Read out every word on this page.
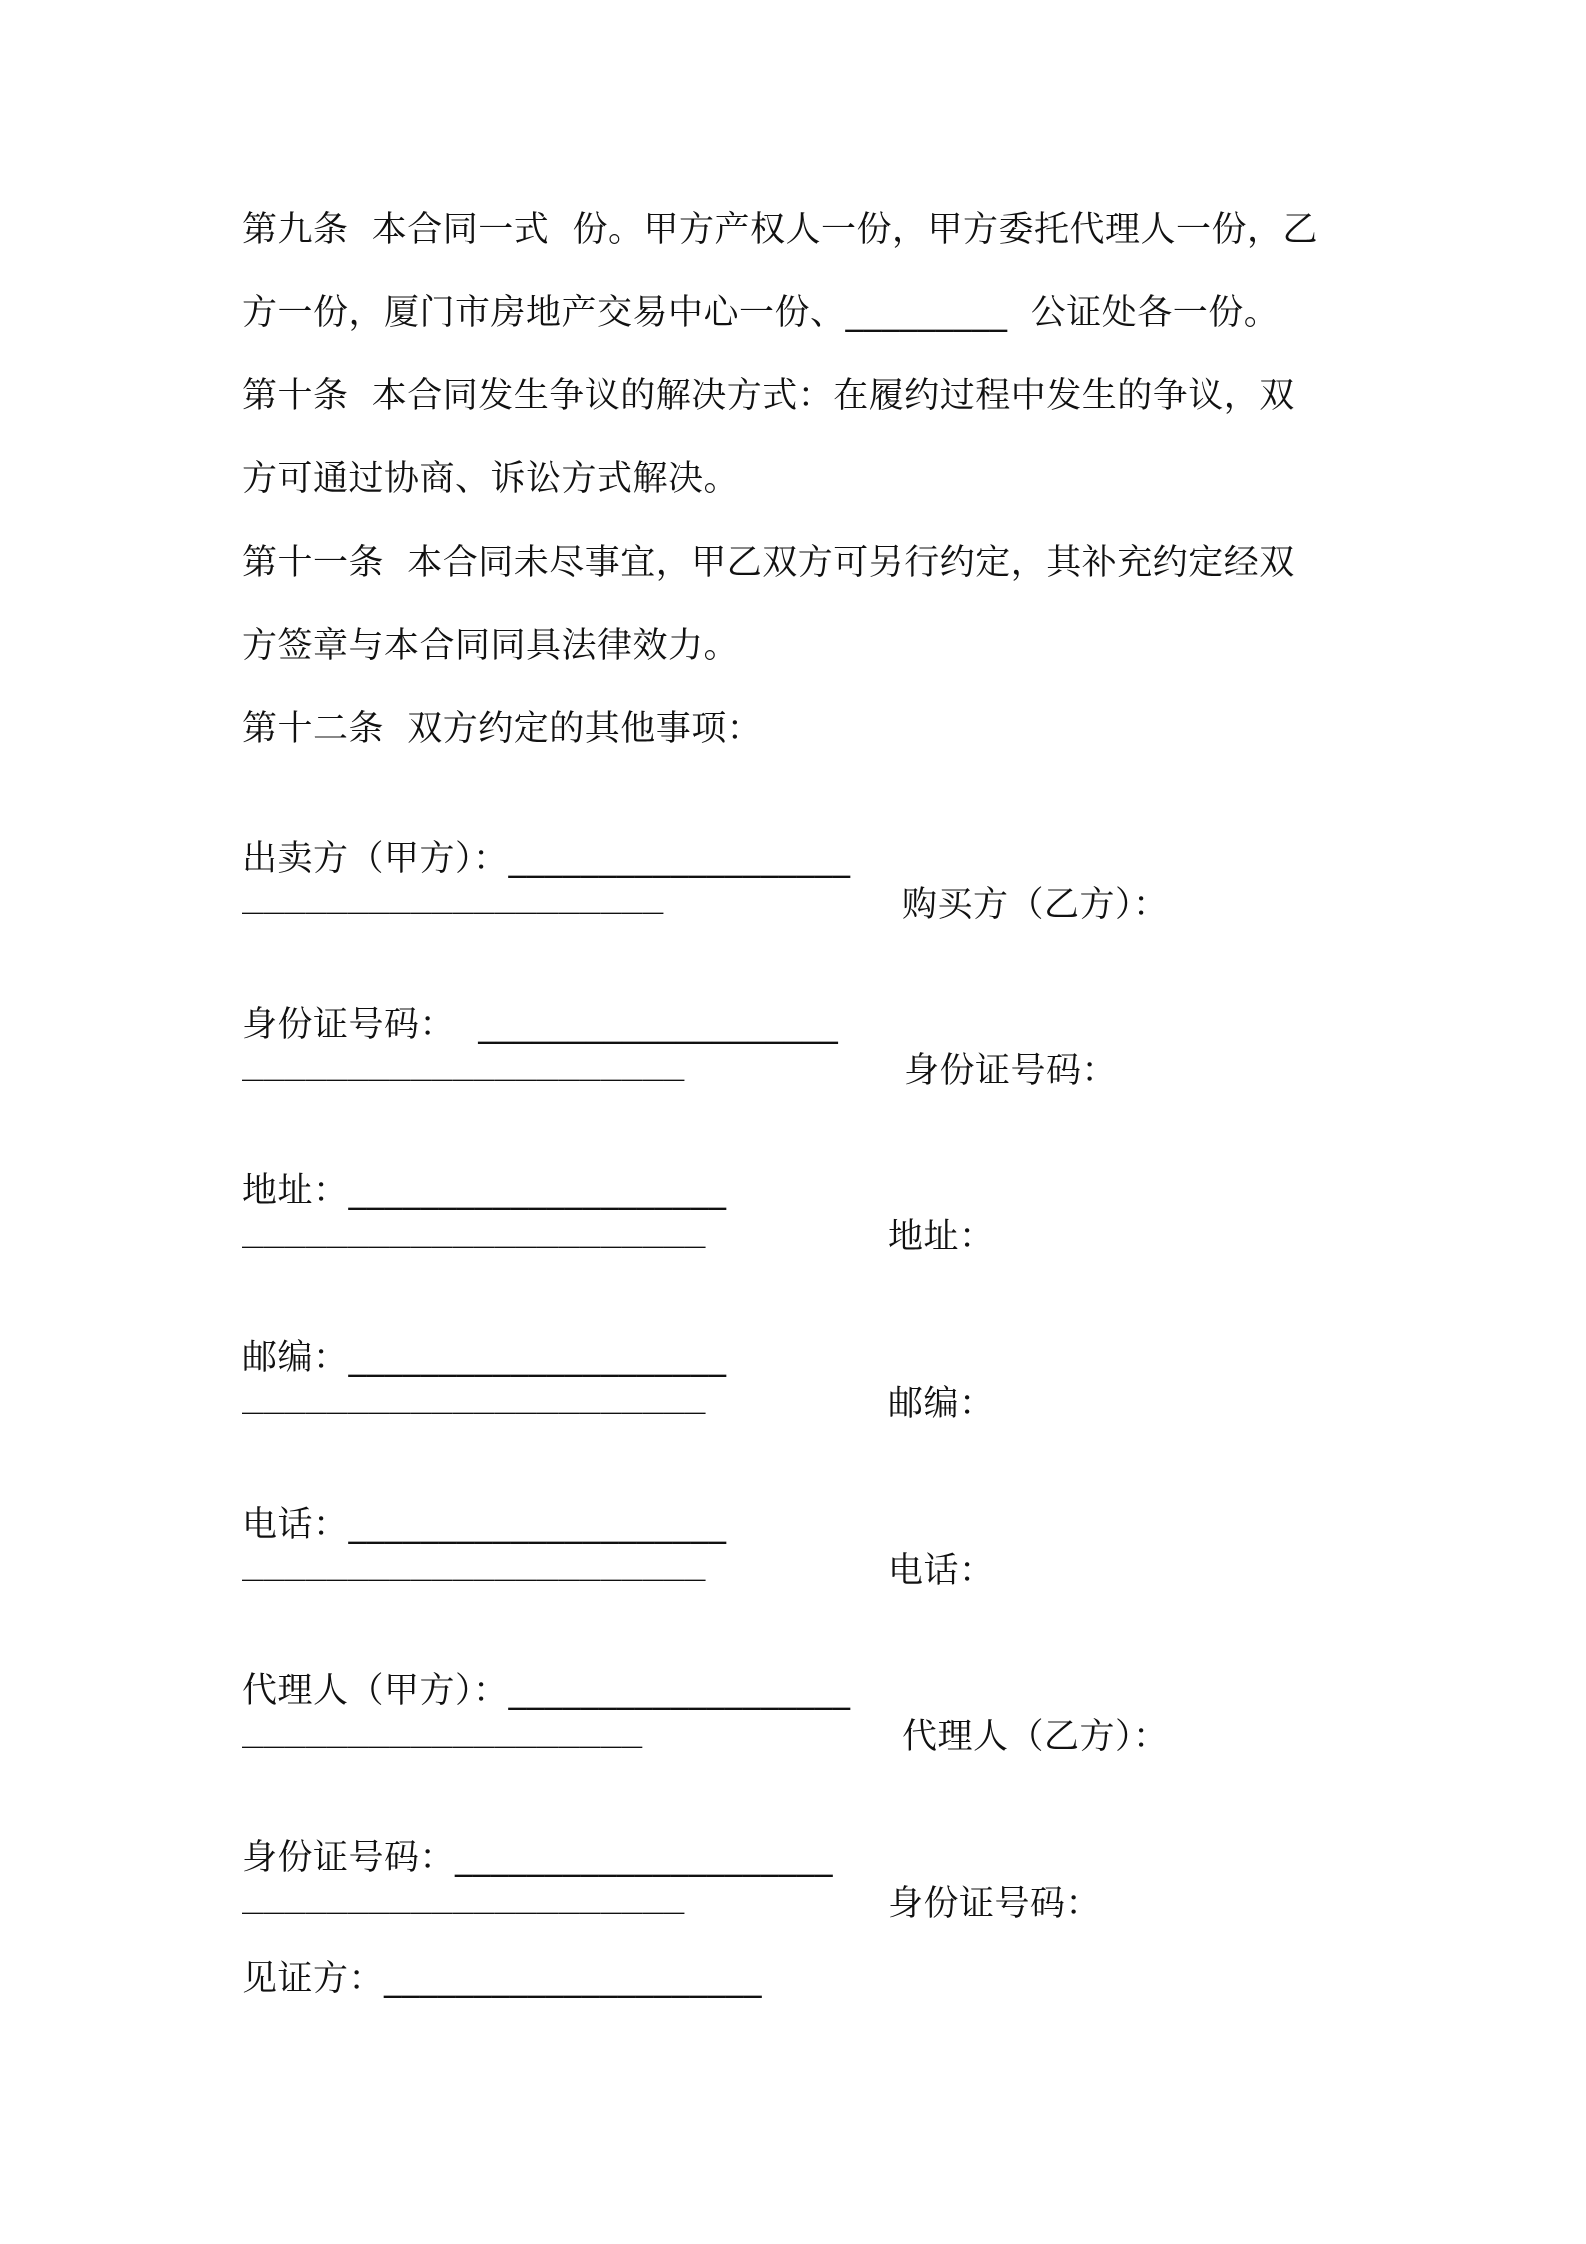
第九条  本合同一式  份。甲方产权人一份，甲方委托代理人一份，乙

方一份，厦门市房地产交易中心一份、_________  公证处各一份。

第十条  本合同发生争议的解决方式：在履约过程中发生的争议，双

方可通过协商、诉讼方式解决。

第十一条  本合同未尽事宜，甲乙双方可另行约定，其补充约定经双

方签章与本合同同具法律效力。

第十二条  双方约定的其他事项：

出卖方（甲方）：___________________

购买方（乙方）：

____________________

身份证号码：  ____________________

身份证号码：

_____________________

地址：_____________________

地址：

______________________

邮编：_____________________

邮编：

______________________

电话：_____________________

电话：

______________________

代理人（甲方）：___________________

代理人（乙方）：

___________________

身份证号码：_____________________

身份证号码：

_____________________

见证方：_____________________
